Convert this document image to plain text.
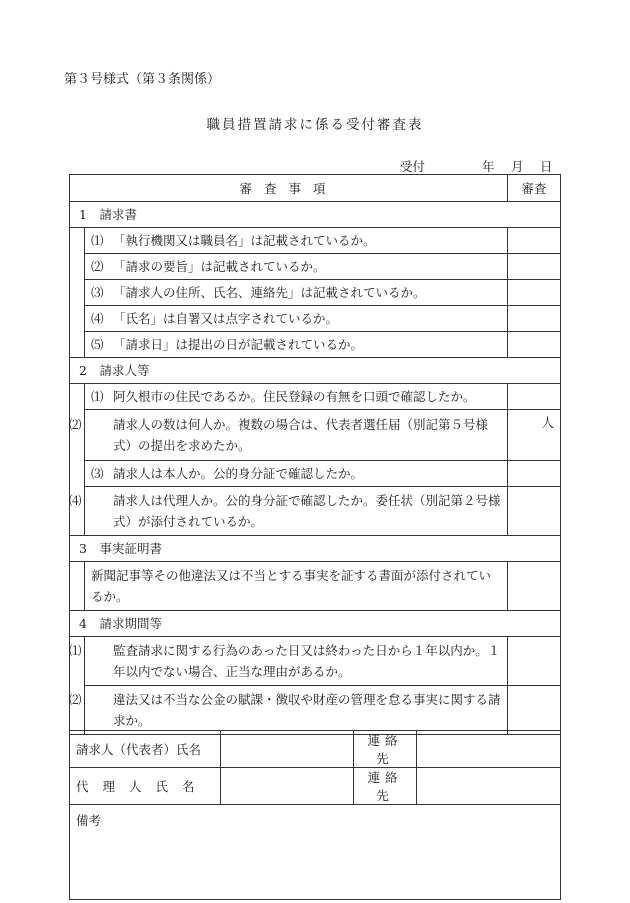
第３号様式（第３条関係）
職員措置請求に係る受付審査表
受付	年 月 日
審査事項		審査
1　請求書		
	⑴ 「執行機関又は職員名」は記載されているか。	
	⑵ 「請求の要旨」は記載されているか。	
	⑶ 「請求人の住所、氏名、連絡先」は記載されているか。	
	⑷ 「氏名」は自署又は点字されているか。	
	⑸ 「請求日」は提出の日が記載されているか。	
2　請求人等		
	⑴ 阿久根市の住民であるか。住民登録の有無を口頭で確認したか。	
	⑵ 請求人の数は何人か。複数の場合は、代表者選任届（別記第５号様式）の提出を求めたか。	人
	⑶ 請求人は本人か。公的身分証で確認したか。	
	⑷ 請求人は代理人か。公的身分証で確認したか。委任状（別記第２号様式）が添付されているか。	
3　事実証明書		
	新聞記事等その他違法又は不当とする事実を証する書面が添付されているか。	
4　請求期間等		
	⑴ 監査請求に関する行為のあった日又は終わった日から１年以内か。１年以内でない場合、正当な理由があるか。	
	⑵ 違法又は不当な公金の賦課・徴収や財産の管理を怠る事実に関する請求か。	
請求人（代表者）氏名		連絡先	
代理人氏名		連絡先	
備考			
